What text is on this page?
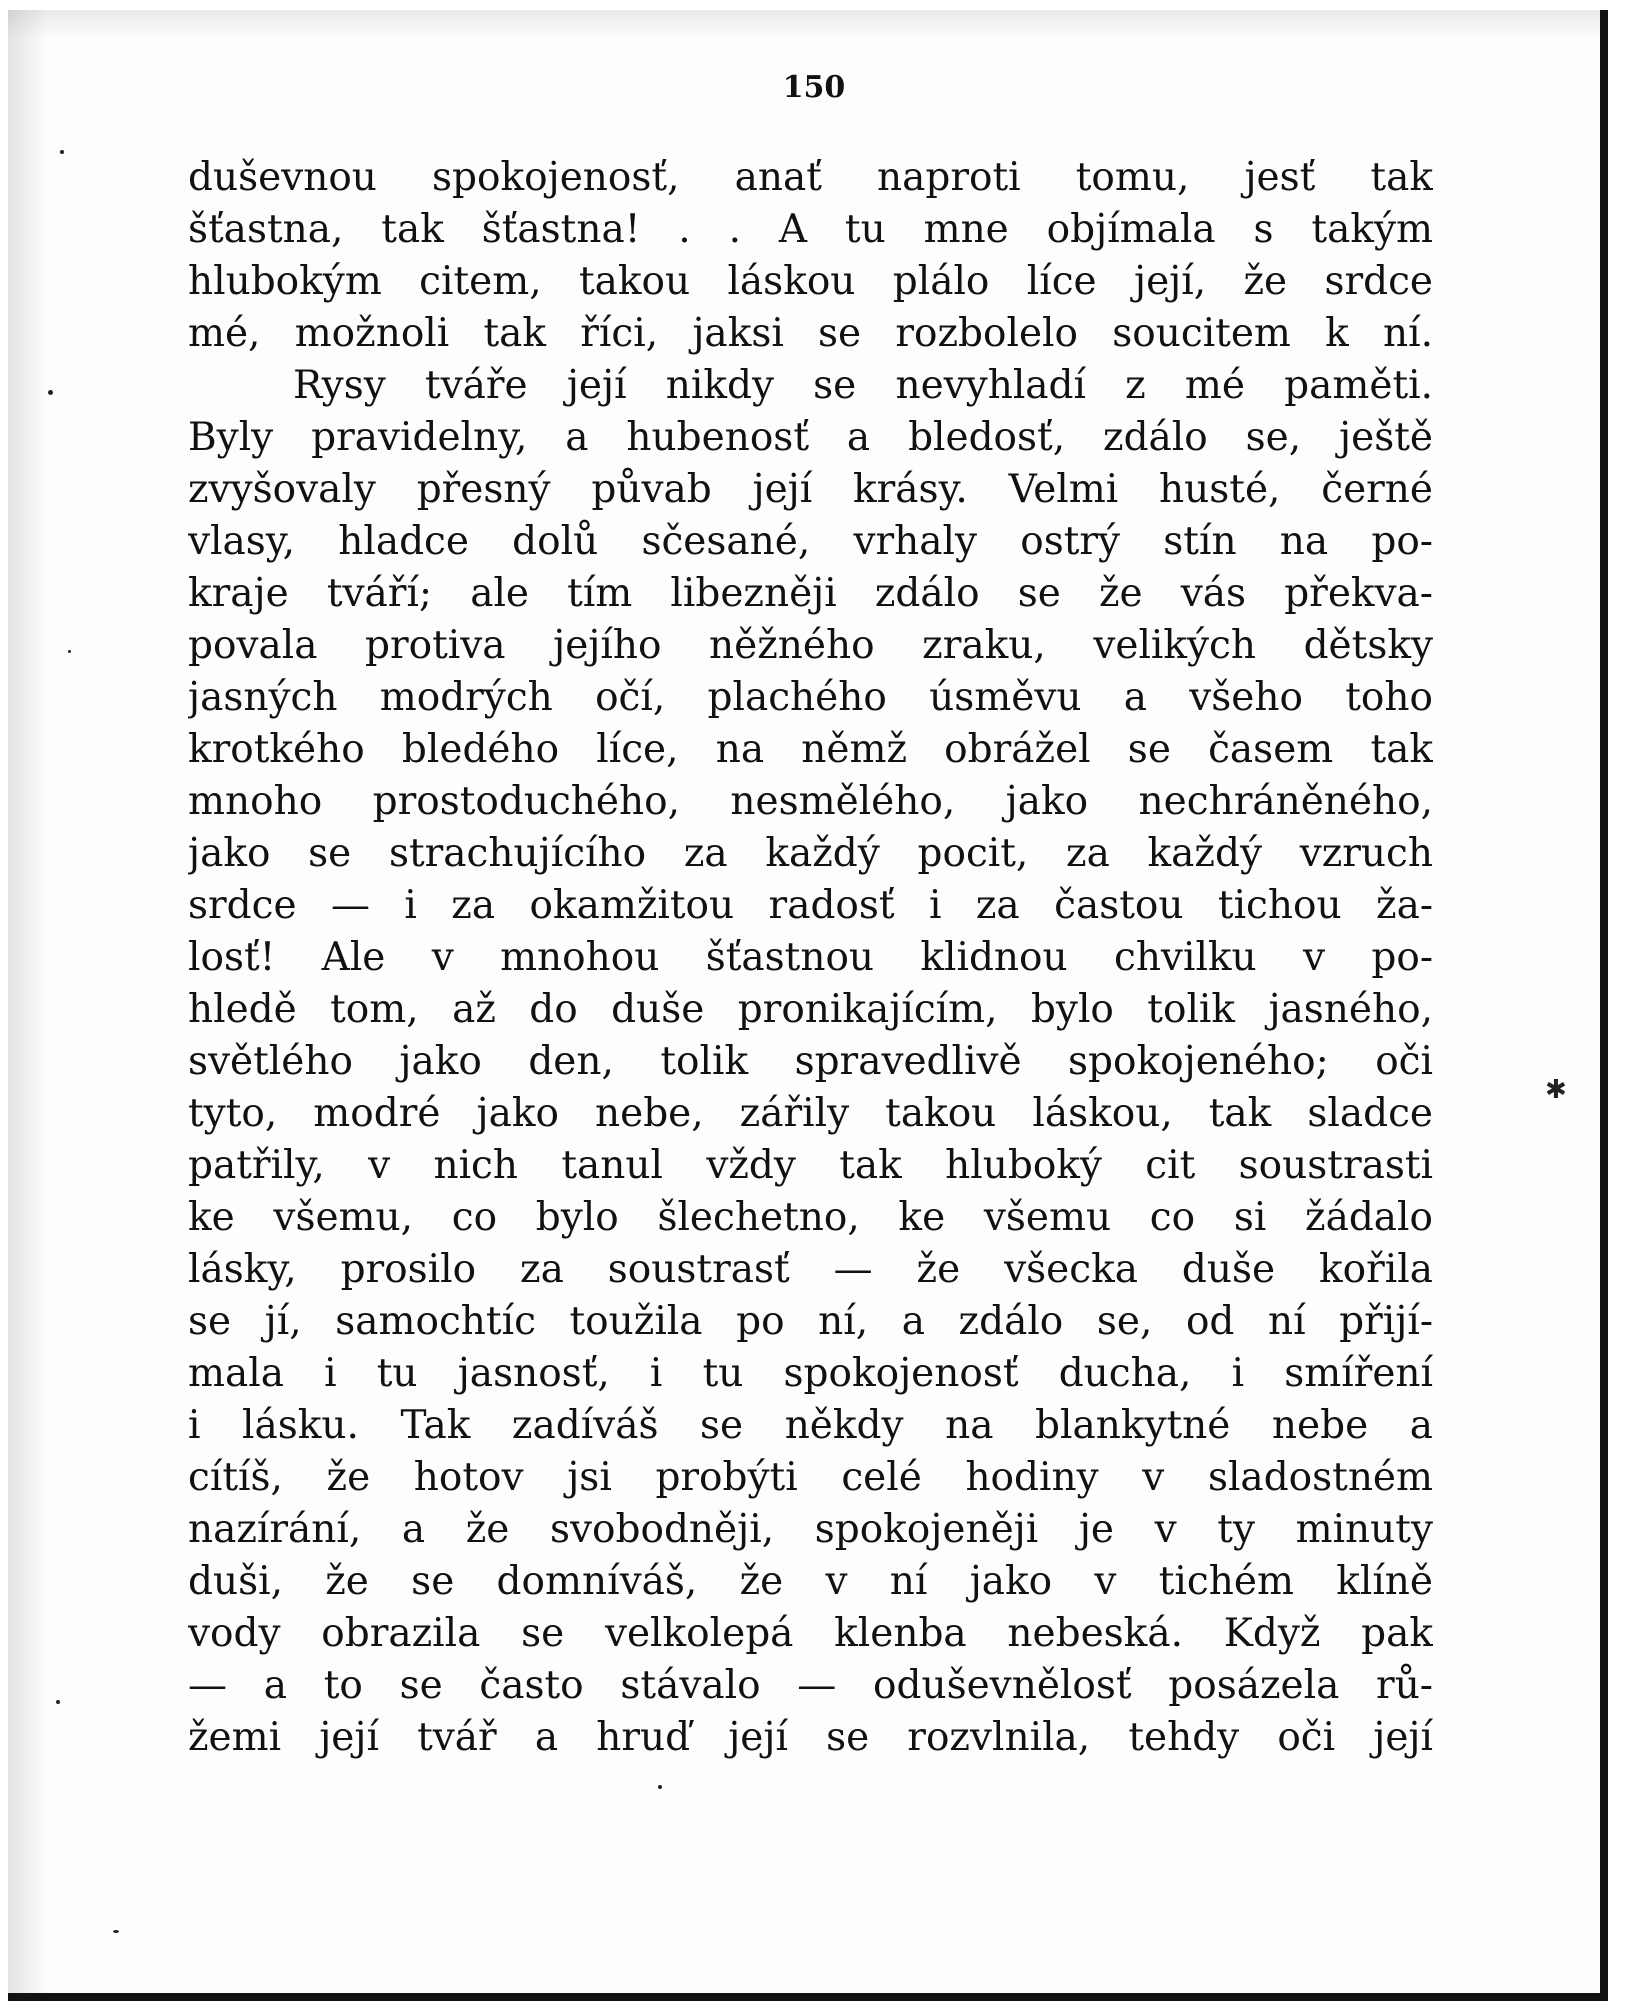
150

duševnou spokojenosť, anať naproti tomu, jesť tak
šťastna, tak šťastna! . . A tu mne objímala s takým
hlubokým citem, takou láskou plálo líce její, že srdce
mé, možnoli tak říci, jaksi se rozbolelo soucitem k ní.
Rysy tváře její nikdy se nevyhladí z mé paměti.
Byly pravidelny, a hubenosť a bledosť, zdálo se, ještě
zvyšovaly přesný půvab její krásy. Velmi husté, černé
vlasy, hladce dolů sčesané, vrhaly ostrý stín na po-
kraje tváří; ale tím libezněji zdálo se že vás překva-
povala protiva jejího něžného zraku, velikých dětsky
jasných modrých očí, plachého úsměvu a všeho toho
krotkého bledého líce, na němž obrážel se časem tak
mnoho prostoduchého, nesmělého, jako nechráněného,
jako se strachujícího za každý pocit, za každý vzruch
srdce — i za okamžitou radosť i za častou tichou ža-
losť! Ale v mnohou šťastnou klidnou chvilku v po-
hledě tom, až do duše pronikajícím, bylo tolik jasného,
světlého jako den, tolik spravedlivě spokojeného; oči
tyto, modré jako nebe, zářily takou láskou, tak sladce
patřily, v nich tanul vždy tak hluboký cit soustrasti
ke všemu, co bylo šlechetno, ke všemu co si žádalo
lásky, prosilo za soustrasť — že všecka duše kořila
se jí, samochtíc toužila po ní, a zdálo se, od ní přijí-
mala i tu jasnosť, i tu spokojenosť ducha, i smíření
i lásku. Tak zadíváš se někdy na blankytné nebe a
cítíš, že hotov jsi probýti celé hodiny v sladostném
nazírání, a že svobodněji, spokojeněji je v ty minuty
duši, že se domníváš, že v ní jako v tichém klíně
vody obrazila se velkolepá klenba nebeská. Když pak
— a to se často stávalo — oduševnělosť posázela rů-
žemi její tvář a hruď její se rozvlnila, tehdy oči její
✱
